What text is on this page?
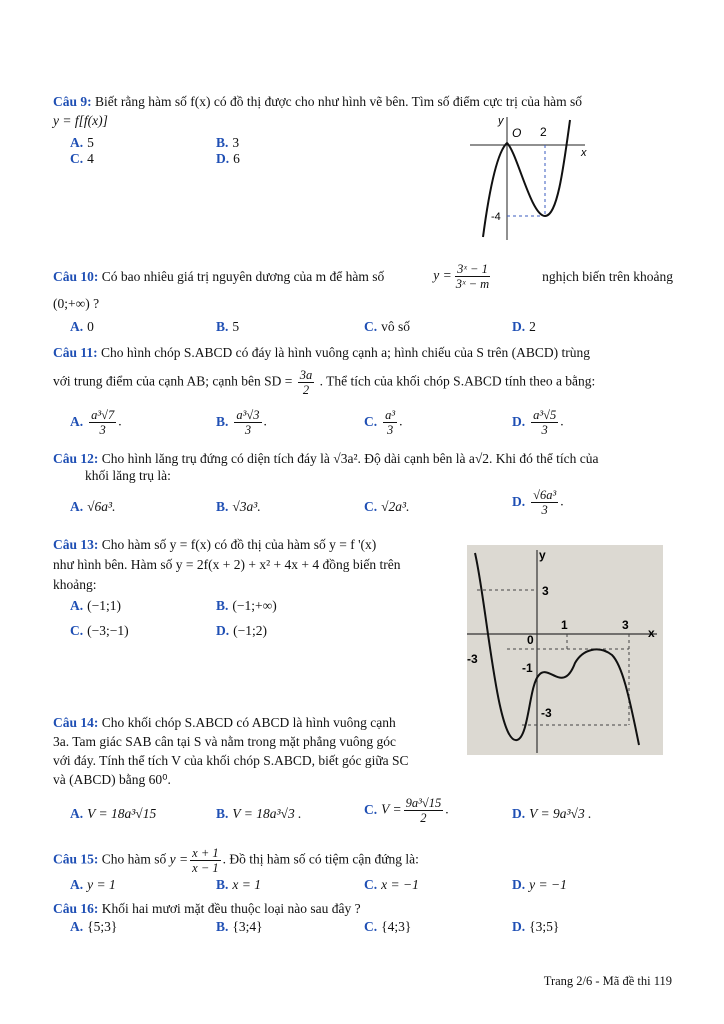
Câu 9: Biết rằng hàm số f(x) có đồ thị được cho như hình vẽ bên. Tìm số điểm cực trị của hàm số
y = f[f(x)]
A. 5	B. 3
C. 4	D. 6
y
x
O 2
-4
Câu 10: Có bao nhiêu giá trị nguyên dương của m để hàm số	$y = \frac{\text{3ˣ − 1}}{\text{3ˣ − m}}$	nghịch biến trên khoảng
(0;+∞) ?
A. 0	B. 5	C. vô số	D. 2
Câu 11: Cho hình chóp S.ABCD có đáy là hình vuông cạnh a; hình chiếu của S trên (ABCD) trùng
với trung điểm của cạnh AB; cạnh bên SD = $\frac{3a}{2}$ . Thể tích của khối chóp S.ABCD tính theo a bằng:
A. $\frac{\text{a³√7}}{3}$ .	B. $\frac{\text{a³√3}}{3}$ .	C. $\frac{\text{a³}}{3}$ .	D. $\frac{\text{a³√5}}{3}$ .
Câu 12: Cho hình lăng trụ đứng có diện tích đáy là √3a². Độ dài cạnh bên là a√2. Khi đó thể tích của
khối lăng trụ là:
A. √6a³.	B. √3a³.	C. √2a³.	D. $\frac{\text{√6a³}}{3}$ .
Câu 13: Cho hàm số y = f(x) có đồ thị của hàm số y = f '(x)
như hình bên. Hàm số y = 2f(x + 2) + x² + 4x + 4 đồng biến trên
khoảng:
A. (−1;1)	B. (−1;+∞)
C. (−3;−1)	D. (−1;2)
y
x
0
1	3
-3
3
-1
-3
Câu 14: Cho khối chóp S.ABCD có ABCD là hình vuông cạnh
3a. Tam giác SAB cân tại S và nằm trong mặt phẳng vuông góc
với đáy. Tính thể tích V của khối chóp S.ABCD, biết góc giữa SC
và (ABCD) bằng 60⁰.
A. V = 18a³√15	B. V = 18a³√3 .	C. $V = \frac{\text{9a³√15}}{2}$ .	D. V = 9a³√3 .
Câu 15: Cho hàm số $y = \frac{x + 1}{x - 1}$ . Đồ thị hàm số có tiệm cận đứng là:
A. y = 1	B. x = 1	C. x = −1	D. y = −1
Câu 16: Khối hai mươi mặt đều thuộc loại nào sau đây ?
A. {5;3}	B. {3;4}	C. {4;3}	D. {3;5}
Trang 2/6 - Mã đề thi 119
